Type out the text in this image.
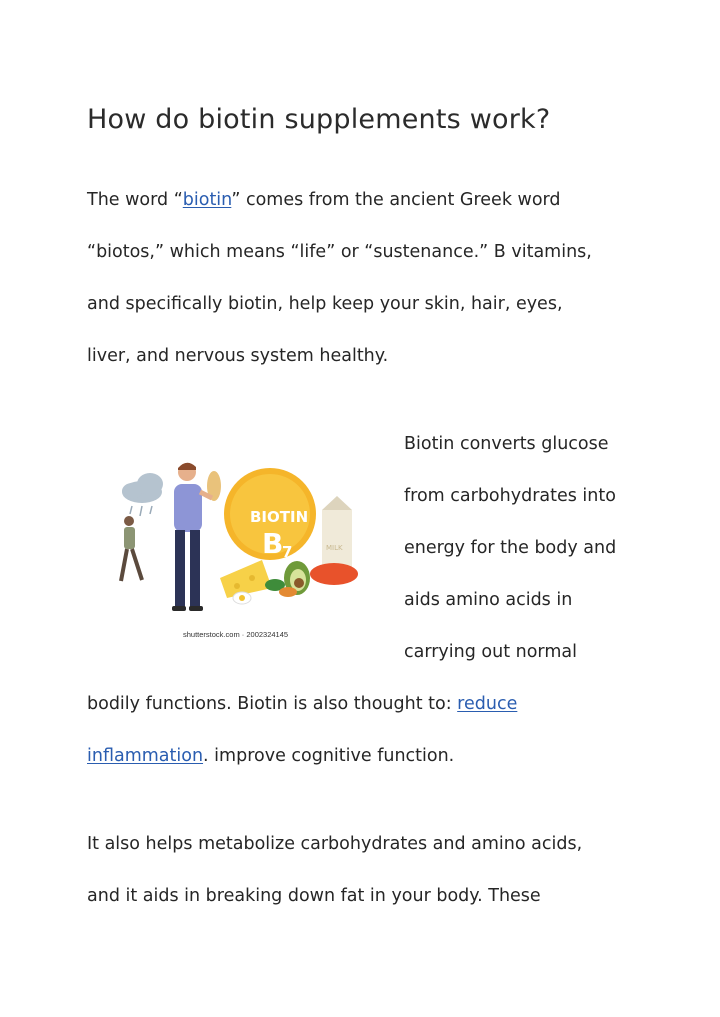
How do biotin supplements work?

The word “biotin” comes from the ancient Greek word

“biotos,” which means “life” or “sustenance.” B vitamins,

and specifically biotin, help keep your skin, hair, eyes,

liver, and nervous system healthy.

BIOTIN
B
7	MILK
shutterstock.com · 2002324145

Biotin converts glucose

from carbohydrates into

energy for the body and

aids amino acids in

carrying out normal

bodily functions. Biotin is also thought to: reduce

inflammation. improve cognitive function.

It also helps metabolize carbohydrates and amino acids,

and it aids in breaking down fat in your body. These
